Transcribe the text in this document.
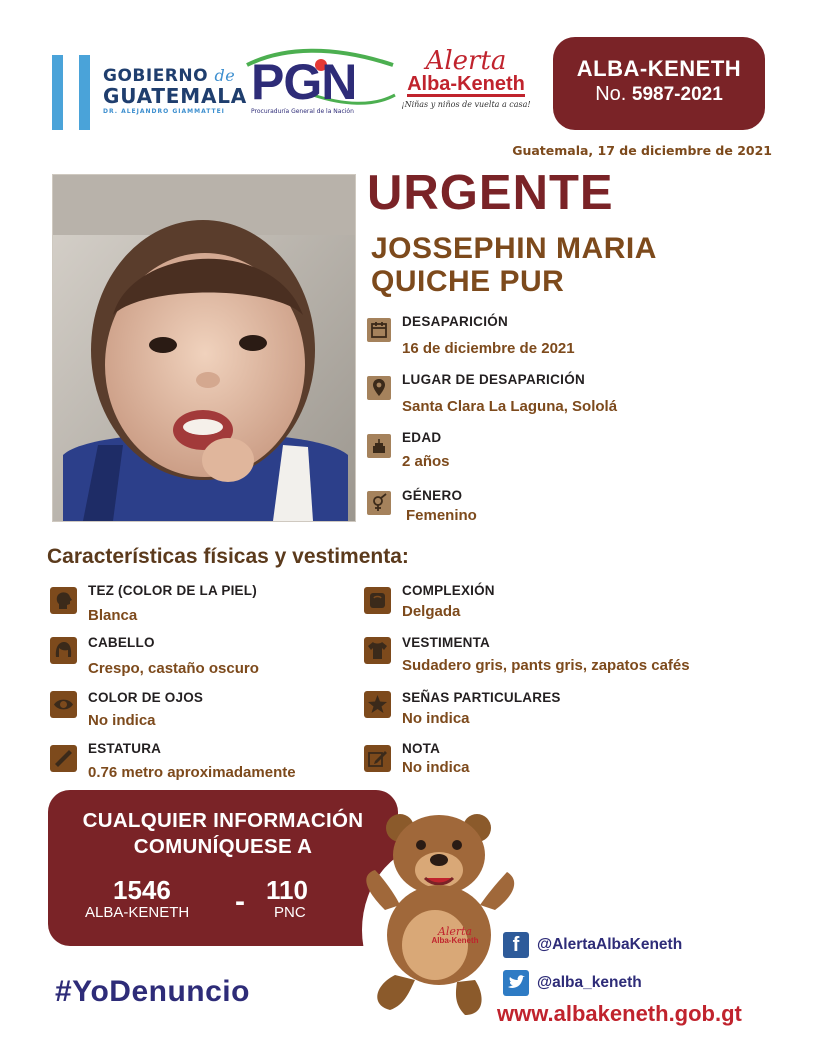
GOBIERNO de
GUATEMALA
DR. ALEJANDRO GIAMMATTEI
PGN
Procuraduría General de la Nación
Alerta
Alba-Keneth
¡Niñas y niños de vuelta a casa!
ALBA-KENETH
No. 5987-2021
Guatemala, 17 de diciembre de 2021
URGENTE
JOSSEPHIN MARIA
QUICHE PUR
DESAPARICIÓN
16 de diciembre de 2021
LUGAR DE DESAPARICIÓN
Santa Clara La Laguna, Sololá
EDAD
2 años
GÉNERO
Femenino
Características físicas y vestimenta:
TEZ (COLOR DE LA PIEL)
Blanca
CABELLO
Crespo, castaño oscuro
COLOR DE OJOS
No indica
ESTATURA
0.76 metro aproximadamente
COMPLEXIÓN
Delgada
VESTIMENTA
Sudadero gris, pants gris, zapatos cafés
SEÑAS PARTICULARES
No indica
NOTA
No indica
CUALQUIER INFORMACIÓN
COMUNÍQUESE A
1546
ALBA-KENETH - 110
PNC
Alerta
Alba-Keneth
#YoDenuncio
f	@AlertaAlbaKeneth
@alba_keneth
www.albakeneth.gob.gt
